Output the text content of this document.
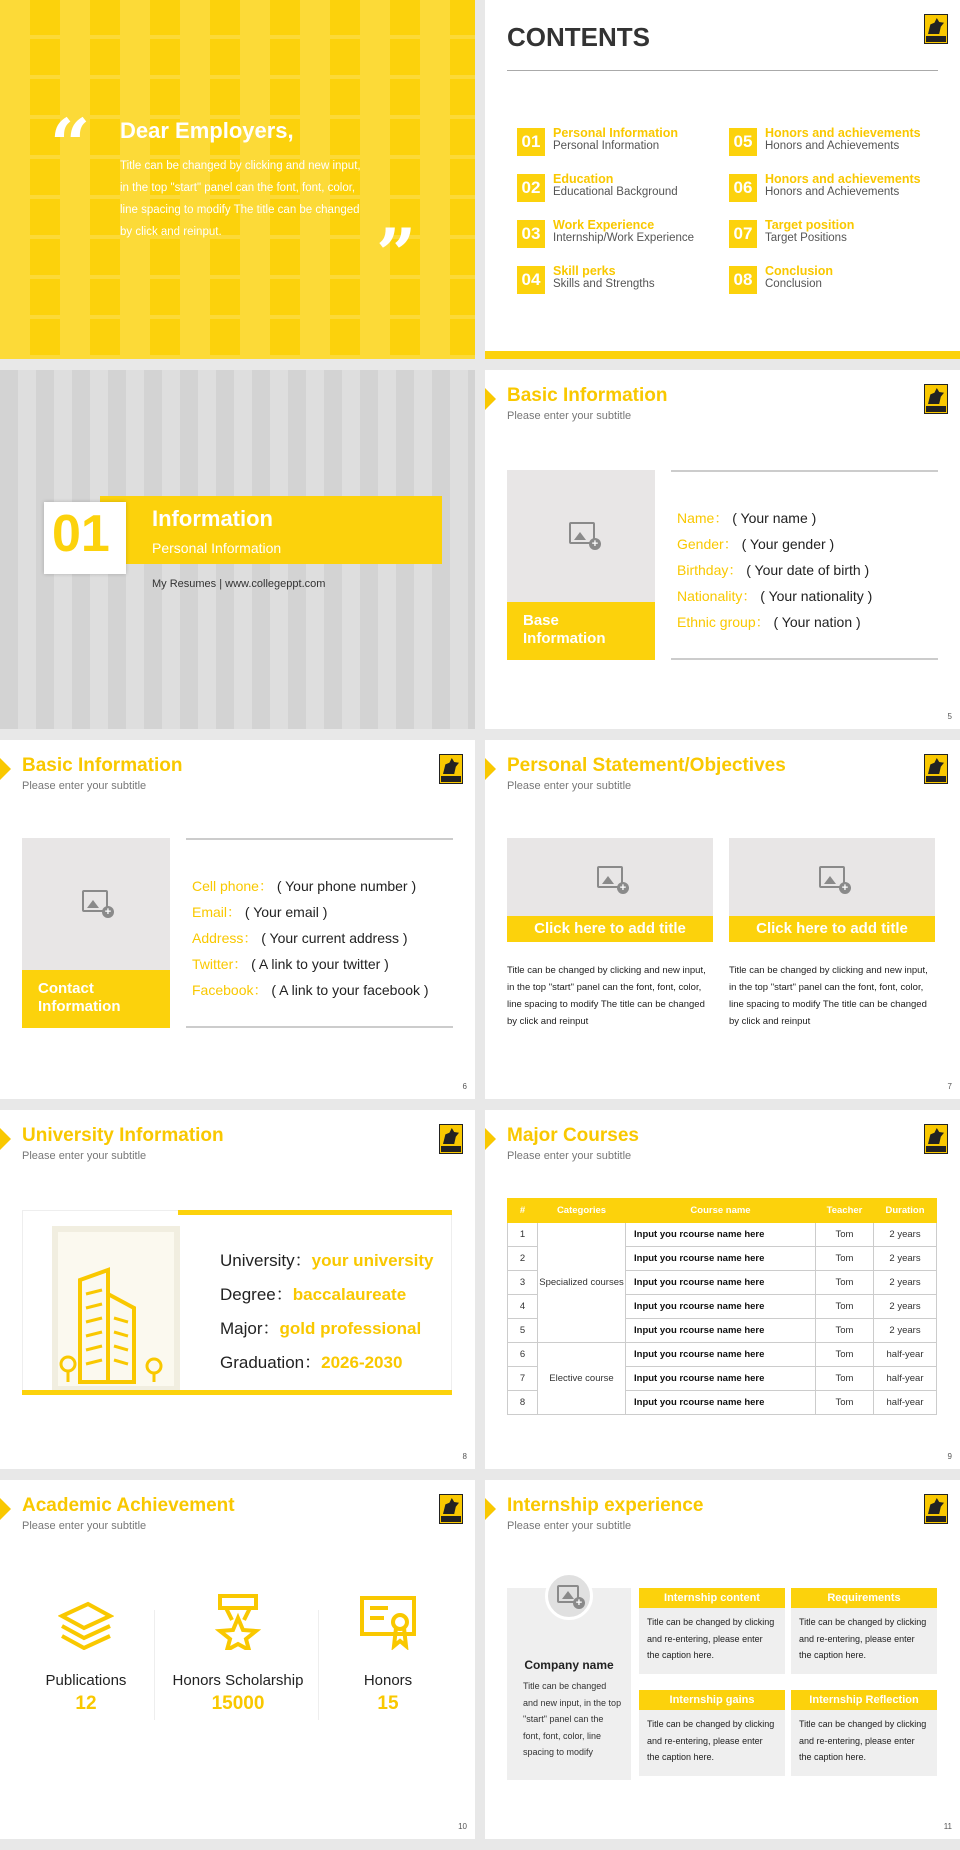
“ Dear Employers,
Title can be changed by clicking and new input, in the top "start" panel can the font, font, color, line spacing to modify The title can be changed by click and reinput.	”
CONTENTS
01	Personal Information
Personal Information
02	Education
Educational Background
03	Work Experience
Internship/Work Experience
04	Skill perks
Skills and Strengths
05	Honors and achievements
Honors and Achievements
06	Honors and achievements
Honors and Achievements
07	Target position
Target Positions
08	Conclusion
Conclusion
01 Information
Personal Information
My Resumes | www.collegeppt.com
Basic Information
Please enter your subtitle
+
Base
Information
Name： ( Your name )
Gender： ( Your gender )
Birthday： ( Your date of birth )
Nationality： ( Your nationality )
Ethnic group： ( Your nation )
5
Basic Information
Please enter your subtitle
+
Contact
Information
Cell phone： ( Your phone number )
Email： ( Your email )
Address： ( Your current address )
Twitter： ( A link to your twitter )
Facebook： ( A link to your facebook )
6
Personal Statement/Objectives
Please enter your subtitle
+
Click here to add title
Title can be changed by clicking and new input, in the top "start" panel can the font, font, color, line spacing to modify The title can be changed by click and reinput
+
Click here to add title
Title can be changed by clicking and new input, in the top "start" panel can the font, font, color, line spacing to modify The title can be changed by click and reinput
7
University Information
Please enter your subtitle
University：your university
Degree：baccalaureate
Major：gold professional
Graduation：2026-2030
8
Major Courses
Please enter your subtitle
#	Categories	Course name	Teacher	Duration
1	Specialized courses	Input you rcourse name here	Tom	2 years
2		Input you rcourse name here	Tom	2 years
3		Input you rcourse name here	Tom	2 years
4		Input you rcourse name here	Tom	2 years
5		Input you rcourse name here	Tom	2 years
6	Elective course	Input you rcourse name here	Tom	half-year
7		Input you rcourse name here	Tom	half-year
8		Input you rcourse name here	Tom	half-year
9
Academic Achievement
Please enter your subtitle
Publications
12
Honors Scholarship
15000
Honors
15
10
Internship experience
Please enter your subtitle
+
Company name
Title can be changed and new input, in the top "start" panel can the font, font, color, line spacing to modify
Internship content
Title can be changed by clicking and re-entering, please enter the caption here.
Requirements
Title can be changed by clicking and re-entering, please enter the caption here.
Internship gains
Title can be changed by clicking and re-entering, please enter the caption here.
Internship Reflection
Title can be changed by clicking and re-entering, please enter the caption here.
11
